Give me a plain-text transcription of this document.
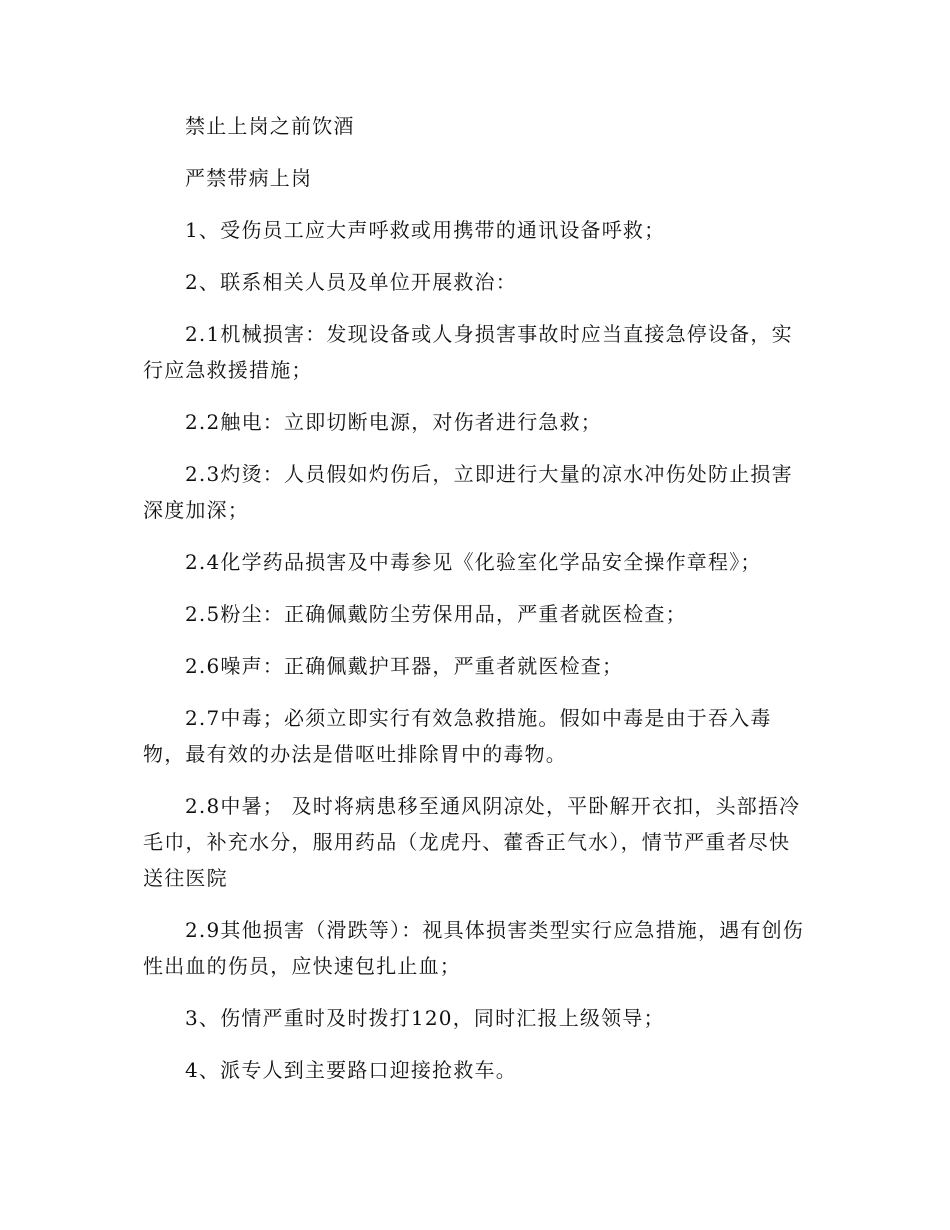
禁止上岗之前饮酒

严禁带病上岗

1、受伤员工应大声呼救或用携带的通讯设备呼救；

2、联系相关人员及单位开展救治：

2.1机械损害：发现设备或人身损害事故时应当直接急停设备，实行应急救援措施；

2.2触电：立即切断电源，对伤者进行急救；

2.3灼烫：人员假如灼伤后，立即进行大量的凉水冲伤处防止损害深度加深；

2.4化学药品损害及中毒参见《化验室化学品安全操作章程》；

2.5粉尘：正确佩戴防尘劳保用品，严重者就医检查；

2.6噪声：正确佩戴护耳器，严重者就医检查；

2.7中毒；必须立即实行有效急救措施。假如中毒是由于吞入毒物，最有效的办法是借呕吐排除胃中的毒物。

2.8中暑； 及时将病患移至通风阴凉处，平卧解开衣扣，头部捂冷毛巾，补充水分，服用药品（龙虎丹、藿香正气水），情节严重者尽快送往医院

2.9其他损害（滑跌等）：视具体损害类型实行应急措施，遇有创伤性出血的伤员，应快速包扎止血；

3、伤情严重时及时拨打120，同时汇报上级领导；

4、派专人到主要路口迎接抢救车。
